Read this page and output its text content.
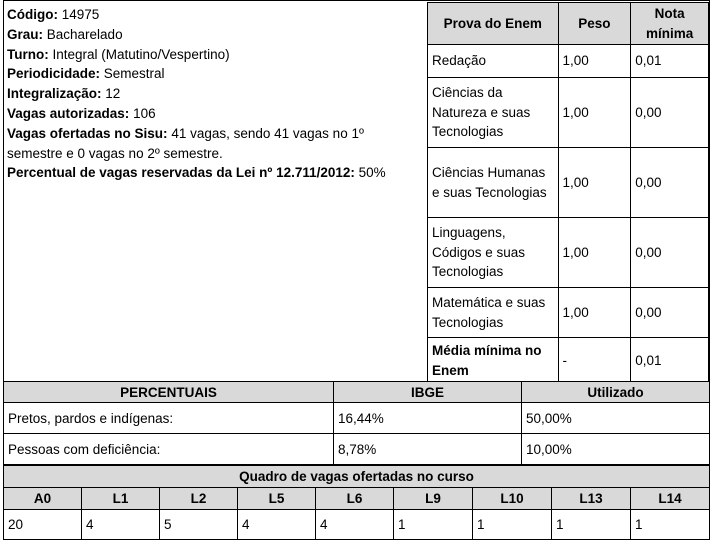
Código: 14975
Grau: Bacharelado
Turno: Integral (Matutino/Vespertino)
Periodicidade: Semestral
Integralização: 12
Vagas autorizadas: 106
Vagas ofertadas no Sisu: 41 vagas, sendo 41 vagas no 1º semestre e 0 vagas no 2º semestre.
Percentual de vagas reservadas da Lei nº 12.711/2012: 50%
Prova do Enem	Peso	Nota mínima
Redação	1,00	0,01
Ciências da Natureza e suas Tecnologias	1,00	0,00
Ciências Humanas e suas Tecnologias	1,00	0,00
Linguagens, Códigos e suas Tecnologias	1,00	0,00
Matemática e suas Tecnologias	1,00	0,00
Média mínima no Enem	-	0,01
PERCENTUAIS	IBGE	Utilizado
Pretos, pardos e indígenas:	16,44%	50,00%
Pessoas com deficiência:	8,78%	10,00%
Quadro de vagas ofertadas no curso								
A0	L1	L2	L5	L6	L9	L10	L13	L14
20	4	5	4	4	1	1	1	1
